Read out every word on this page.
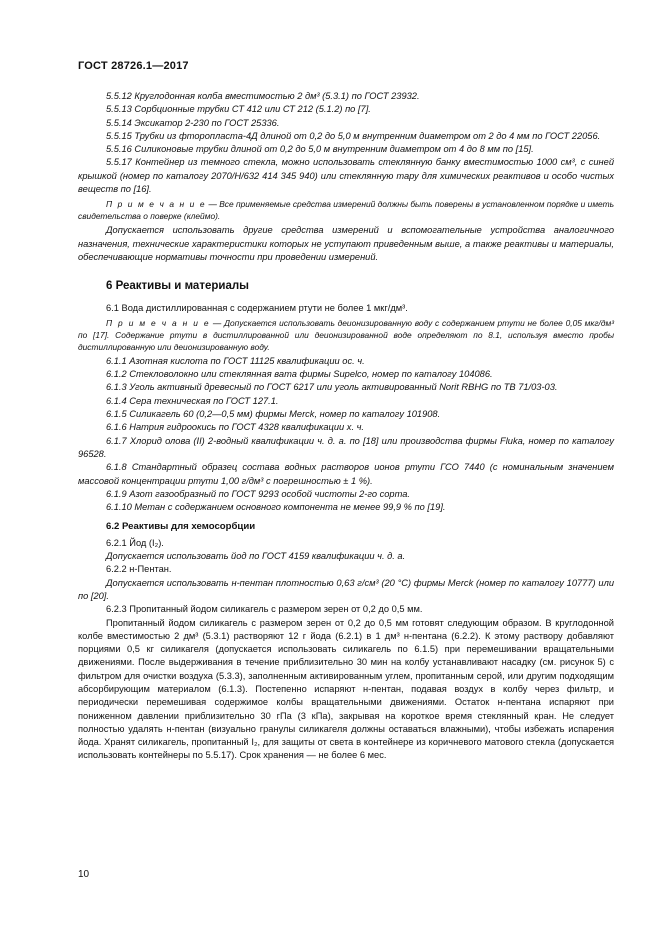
ГОСТ 28726.1—2017

5.5.12 Круглодонная колба вместимостью 2 дм³ (5.3.1) по ГОСТ 23932.

5.5.13 Сорбционные трубки СТ 412 или СТ 212 (5.1.2) по [7].

5.5.14 Эксикатор 2-230 по ГОСТ 25336.

5.5.15 Трубки из фторопласта-4Д длиной от 0,2 до 5,0 м внутренним диаметром от 2 до 4 мм по ГОСТ 22056.

5.5.16 Силиконовые трубки длиной от 0,2 до 5,0 м внутренним диаметром от 4 до 8 мм по [15].

5.5.17 Контейнер из темного стекла, можно использовать стеклянную банку вместимостью 1000 см³, с синей крышкой (номер по каталогу 2070/Н/632 414 345 940) или стеклянную тару для химических реактивов и особо чистых веществ по [16].

П р и м е ч а н и е — Все применяемые средства измерений должны быть поверены в установленном порядке и иметь свидетельства о поверке (клеймо).

Допускается использовать другие средства измерений и вспомогательные устройства аналогичного назначения, технические характеристики которых не уступают приведенным выше, а также реактивы и материалы, обеспечивающие нормативы точности при проведении измерений.

6 Реактивы и материалы

6.1 Вода дистиллированная с содержанием ртути не более 1 мкг/дм³.

П р и м е ч а н и е — Допускается использовать деионизированную воду с содержанием ртути не более 0,05 мкг/дм³ по [17]. Содержание ртути в дистиллированной или деионизированной воде определяют по 8.1, используя вместо пробы дистиллированную или деионизированную воду.

6.1.1 Азотная кислота по ГОСТ 11125 квалификации ос. ч.

6.1.2 Стекловолокно или стеклянная вата фирмы Supelco, номер по каталогу 104086.

6.1.3 Уголь активный древесный по ГОСТ 6217 или уголь активированный Norit RBHG по ТВ 71/03-03.

6.1.4 Сера техническая по ГОСТ 127.1.

6.1.5 Силикагель 60 (0,2—0,5 мм) фирмы Merck, номер по каталогу 101908.

6.1.6 Натрия гидроокись по ГОСТ 4328 квалификации х. ч.

6.1.7 Хлорид олова (II) 2-водный квалификации ч. д. а. по [18] или производства фирмы Fluka, номер по каталогу 96528.

6.1.8 Стандартный образец состава водных растворов ионов ртути ГСО 7440 (с номинальным значением массовой концентрации ртути 1,00 г/дм³ с погрешностью ± 1 %).

6.1.9 Азот газообразный по ГОСТ 9293 особой чистоты 2-го сорта.

6.1.10 Метан с содержанием основного компонента не менее 99,9 % по [19].

6.2 Реактивы для хемосорбции

6.2.1 Йод (I₂).

Допускается использовать йод по ГОСТ 4159 квалификации ч. д. а.

6.2.2 н-Пентан.

Допускается использовать н-пентан плотностью 0,63 г/см³ (20 °C) фирмы Merck (номер по каталогу 10777) или по [20].

6.2.3 Пропитанный йодом силикагель с размером зерен от 0,2 до 0,5 мм.

Пропитанный йодом силикагель с размером зерен от 0,2 до 0,5 мм готовят следующим образом. В круглодонной колбе вместимостью 2 дм³ (5.3.1) растворяют 12 г йода (6.2.1) в 1 дм³ н-пентана (6.2.2). К этому раствору добавляют порциями 0,5 кг силикагеля (допускается использовать силикагель по 6.1.5) при перемешивании вращательными движениями. После выдерживания в течение приблизительно 30 мин на колбу устанавливают насадку (см. рисунок 5) с фильтром для очистки воздуха (5.3.3), заполненным активированным углем, пропитанным серой, или другим подходящим абсорбирующим материалом (6.1.3). Постепенно испаряют н-пентан, подавая воздух в колбу через фильтр, и периодически перемешивая содержимое колбы вращательными движениями. Остаток н-пентана испаряют при пониженном давлении приблизительно 30 гПа (3 кПа), закрывая на короткое время стеклянный кран. Не следует полностью удалять н-пентан (визуально гранулы силикагеля должны оставаться влажными), чтобы избежать испарения йода. Хранят силикагель, пропитанный I₂, для защиты от света в контейнере из коричневого матового стекла (допускается использовать контейнеры по 5.5.17). Срок хранения — не более 6 мес.

10
